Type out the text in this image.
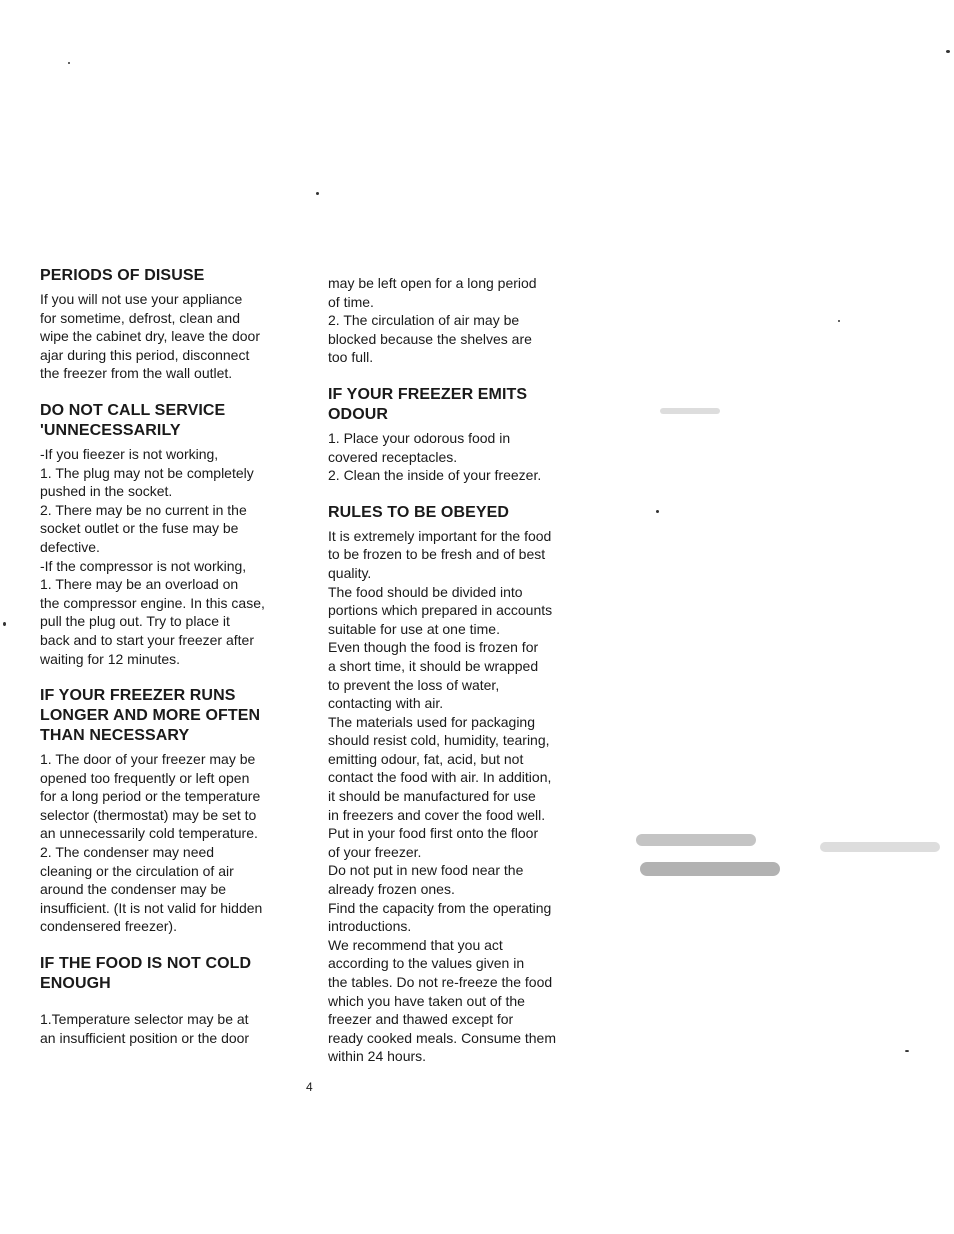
PERIODS OF DISUSE

If you will not use your appliance

for sometime, defrost, clean and

wipe the cabinet dry, leave the door

ajar during this period, disconnect

the freezer from the wall outlet.

DO NOT CALL SERVICE
'UNNECESSARILY

-If you fieezer is not working,

1. The plug may not be completely

pushed in the socket.

2. There may be no current in the

socket outlet or the fuse may be

defective.

-If the compressor is not working,

1. There may be an overload on

the compressor engine. In this case,

pull the plug out. Try to place it

back and to start your freezer after

waiting for 12 minutes.

IF YOUR FREEZER RUNS
LONGER AND MORE OFTEN
THAN NECESSARY

1. The door of your freezer may be

opened too frequently or left open

for a long period or the temperature

selector (thermostat) may be set to

an unnecessarily cold temperature.

2. The condenser may need

cleaning or the circulation of air

around the condenser may be

insufficient. (It is not valid for hidden

condensered freezer).

IF THE FOOD IS NOT COLD
ENOUGH

1.Temperature selector may be at

an insufficient position or the door

may be left open for a long period

of time.

2. The circulation of air may be

blocked because the shelves are

too full.

IF YOUR FREEZER EMITS
ODOUR

1. Place your odorous food in

covered receptacles.

2. Clean the inside of your freezer.

RULES TO BE OBEYED

It is extremely important for the food

to be frozen to be fresh and of best

quality.

The food should be divided into

portions which prepared in accounts

suitable for use at one time.

Even though the food is frozen for

a short time, it should be wrapped

to prevent the loss of water,

contacting with air.

The materials used for packaging

should resist cold, humidity, tearing,

emitting odour, fat, acid, but not

contact the food with air. In addition,

it should be manufactured for use

in freezers and cover the food well.

Put in your food first onto the floor

of your freezer.

Do not put in new food near the

already frozen ones.

Find the capacity from the operating

introductions.

We recommend that you act

according to the values given in

the tables. Do not re-freeze the food

which you have taken out of the

freezer and thawed except for

ready cooked meals. Consume them

within 24 hours.

4
